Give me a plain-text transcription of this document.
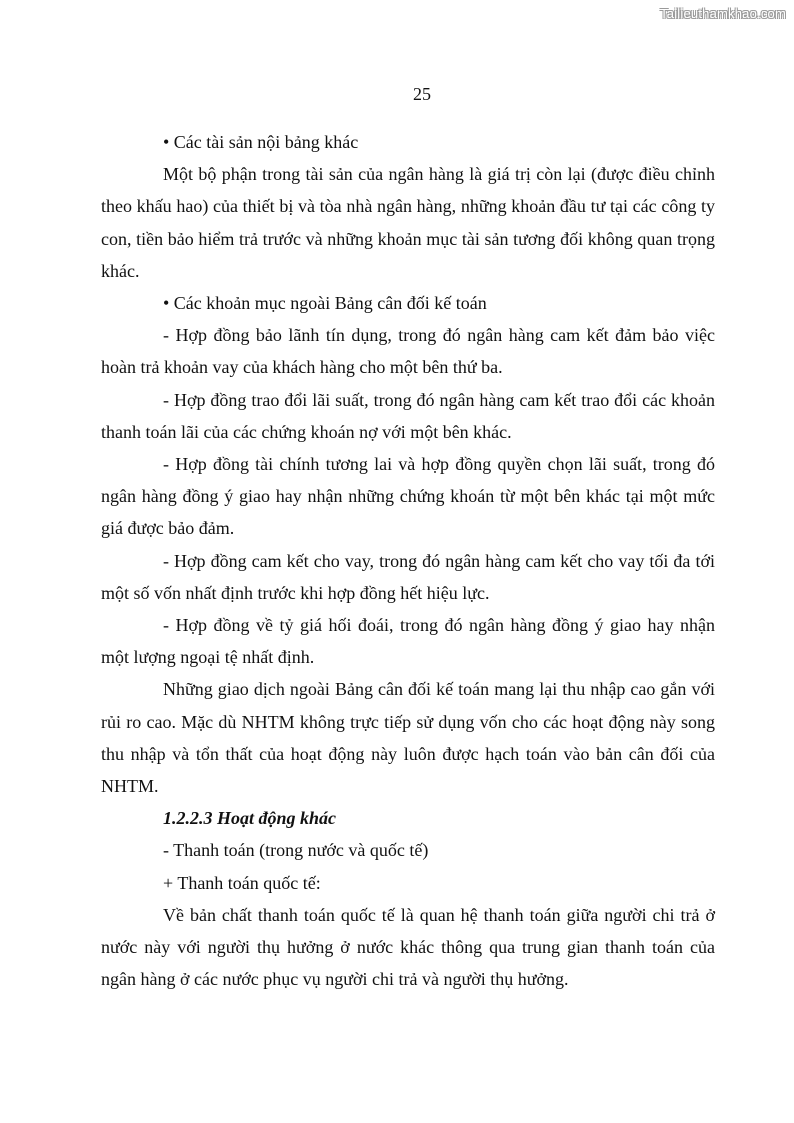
Tailieuthamkhao.com
25

• Các tài sản nội bảng khác

Một bộ phận trong tài sản của ngân hàng là giá trị còn lại (được điều chỉnh theo khấu hao) của thiết bị và tòa nhà ngân hàng, những khoản đầu tư tại các công ty con, tiền bảo hiểm trả trước và những khoản mục tài sản tương đối không quan trọng khác.

• Các khoản mục ngoài Bảng cân đối kế toán

- Hợp đồng bảo lãnh tín dụng, trong đó ngân hàng cam kết đảm bảo việc hoàn trả khoản vay của khách hàng cho một bên thứ ba.

- Hợp đồng trao đổi lãi suất, trong đó ngân hàng cam kết trao đổi các khoản thanh toán lãi của các chứng khoán nợ với một bên khác.

- Hợp đồng tài chính tương lai và hợp đồng quyền chọn lãi suất, trong đó ngân hàng đồng ý giao hay nhận những chứng khoán từ một bên khác tại một mức giá được bảo đảm.

- Hợp đồng cam kết cho vay, trong đó ngân hàng cam kết cho vay tối đa tới một số vốn nhất định trước khi hợp đồng hết hiệu lực.

- Hợp đồng về tỷ giá hối đoái, trong đó ngân hàng đồng ý giao hay nhận một lượng ngoại tệ nhất định.

Những giao dịch ngoài Bảng cân đối kế toán mang lại thu nhập cao gắn với rủi ro cao. Mặc dù NHTM không trực tiếp sử dụng vốn cho các hoạt động này song thu nhập và tổn thất của hoạt động này luôn được hạch toán vào bản cân đối của NHTM.

1.2.2.3 Hoạt động khác

- Thanh toán (trong nước và quốc tế)

+ Thanh toán quốc tế:

Về bản chất thanh toán quốc tế là quan hệ thanh toán giữa người chi trả ở nước này với người thụ hưởng ở nước khác thông qua trung gian thanh toán của ngân hàng ở các nước phục vụ người chi trả và người thụ hưởng.
